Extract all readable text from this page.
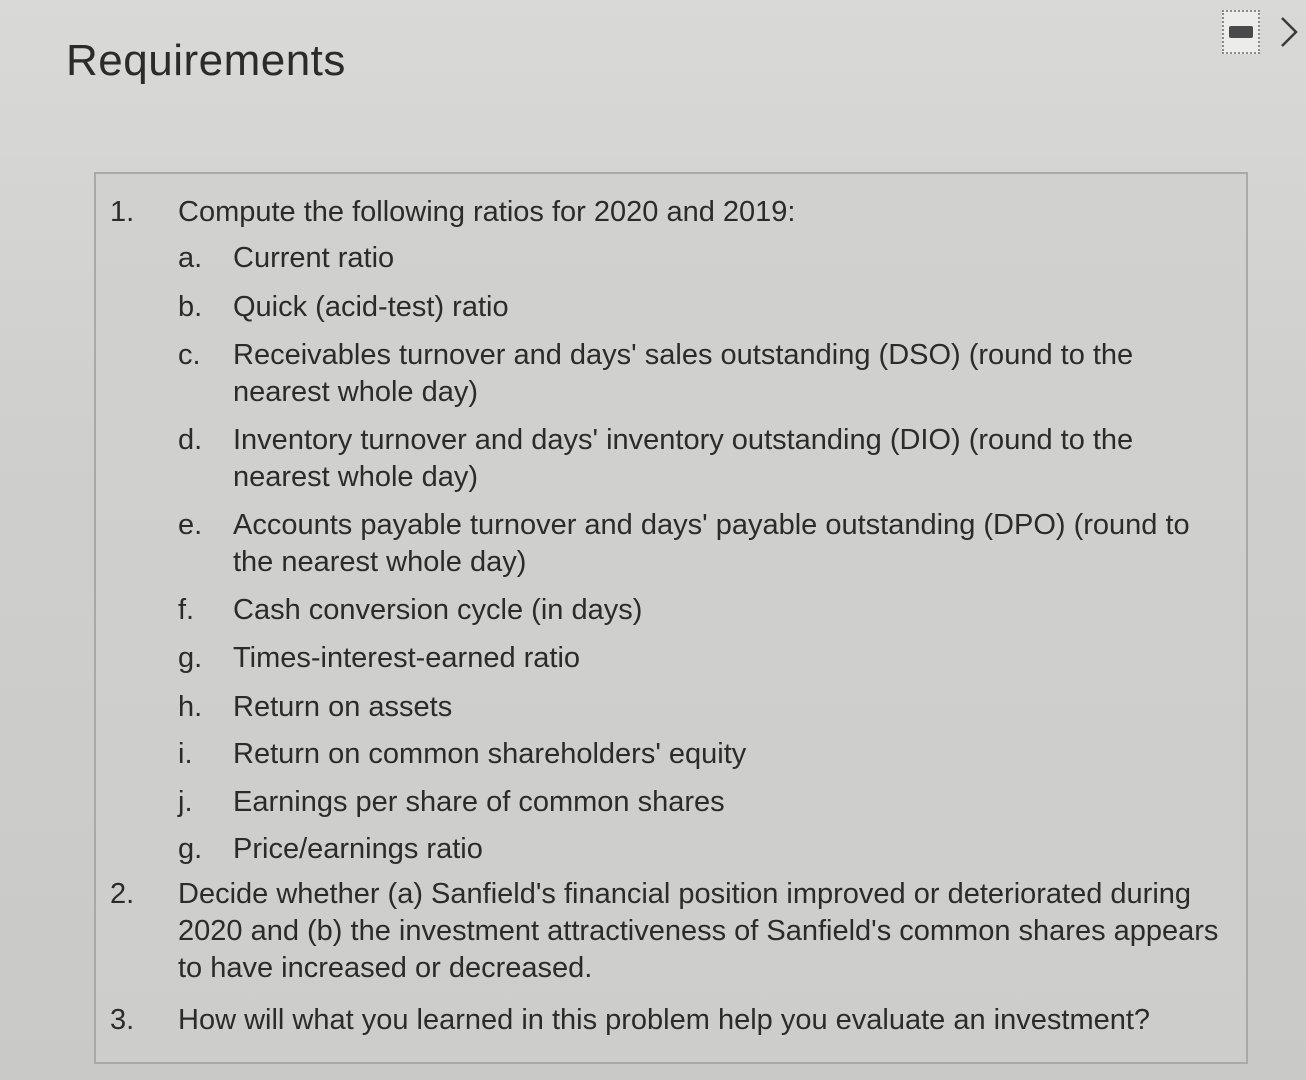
Requirements
1.	Compute the following ratios for 2020 and 2019:
a.	Current ratio
b.	Quick (acid-test) ratio
c.	Receivables turnover and days' sales outstanding (DSO) (round to the nearest whole day)
d.	Inventory turnover and days' inventory outstanding (DIO) (round to the nearest whole day)
e.	Accounts payable turnover and days' payable outstanding (DPO) (round to the nearest whole day)
f.	Cash conversion cycle (in days)
g.	Times-interest-earned ratio
h.	Return on assets
i.	Return on common shareholders' equity
j.	Earnings per share of common shares
g.	Price/earnings ratio
2.	Decide whether (a) Sanfield's financial position improved or deteriorated during 2020 and (b) the investment attractiveness of Sanfield's common shares appears to have increased or decreased.
3.	How will what you learned in this problem help you evaluate an investment?
